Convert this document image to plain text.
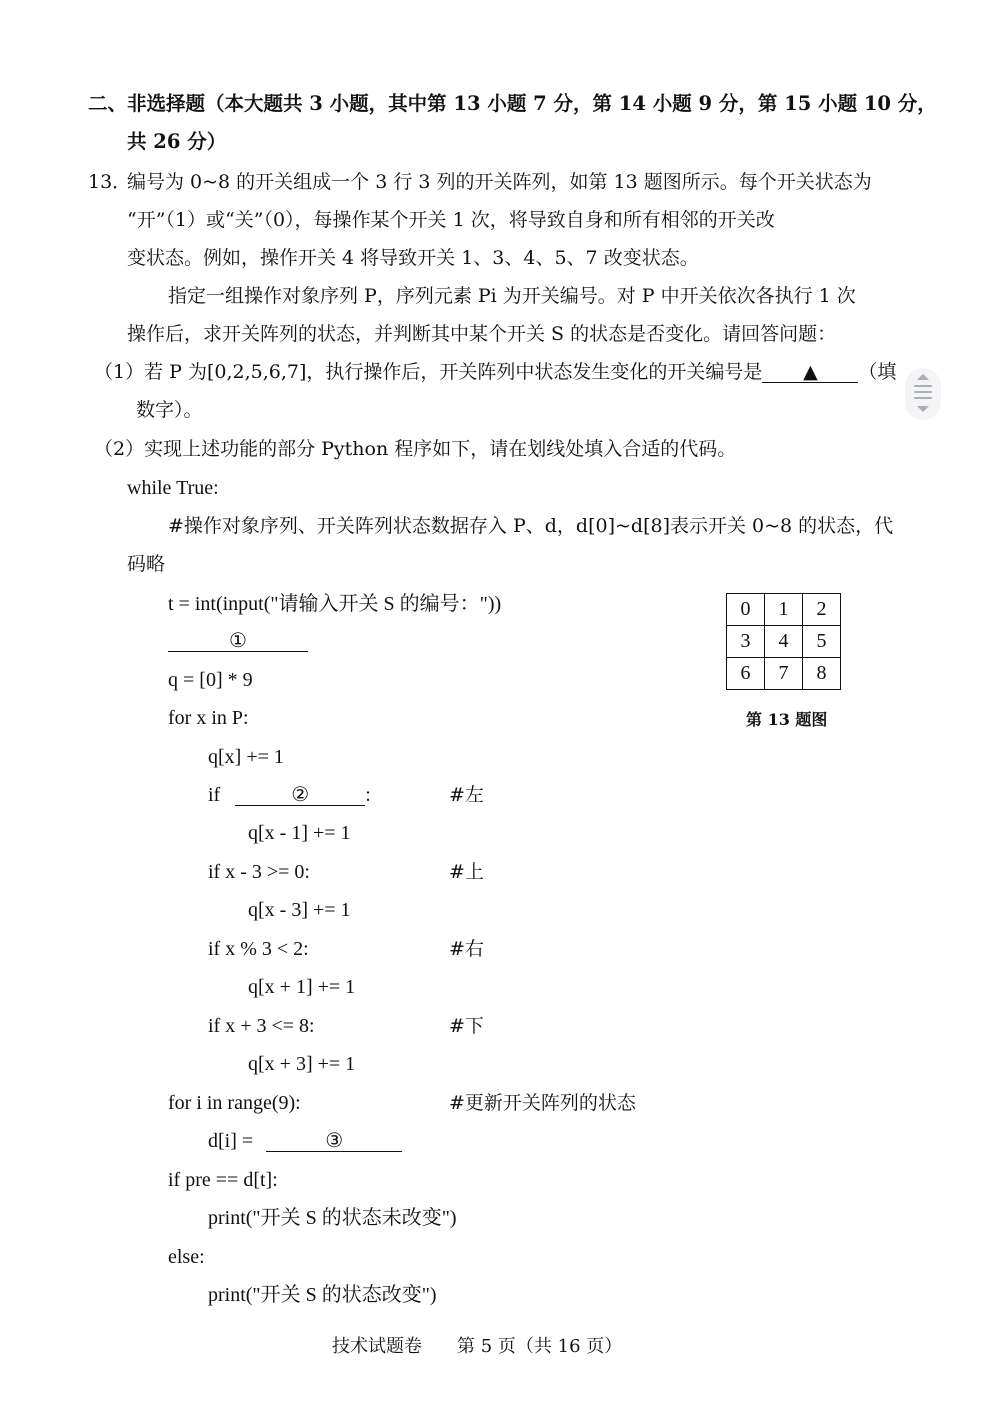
二、非选择题（本大题共 3 小题，其中第 13 小题 7 分，第 14 小题 9 分，第 15 小题 10 分，
共 26 分）
13．
编号为 0~8 的开关组成一个 3 行 3 列的开关阵列，如第 13 题图所示。每个开关状态为
“开”（1）或“关”（0），每操作某个开关 1 次，将导致自身和所有相邻的开关改
变状态。例如，操作开关 4 将导致开关 1、3、4、5、7 改变状态。
指定一组操作对象序列 P，序列元素 Pi 为开关编号。对 P 中开关依次各执行 1 次
操作后，求开关阵列的状态，并判断其中某个开关 S 的状态是否变化。请回答问题：
（1）若 P 为[0,2,5,6,7]，执行操作后，开关阵列中状态发生变化的开关编号是 ▲ （填
数字）。
（2）实现上述功能的部分 Python 程序如下，请在划线处填入合适的代码。
while True:
#操作对象序列、开关阵列状态数据存入 P、d，d[0]~d[8]表示开关 0~8 的状态，代
码略
t = int(input("请输入开关 S 的编号："))
①
q = [0] * 9
for x in P:
q[x] += 1
if	②	:	#左
q[x - 1] += 1
if x - 3 >= 0:	#上
q[x - 3] += 1
if x % 3 < 2:	#右
q[x + 1] += 1
if x + 3 <= 8:	#下
q[x + 3] += 1
for i in range(9):	#更新开关阵列的状态
d[i] =	③
if pre == d[t]:
print("开关 S 的状态未改变")
else:
print("开关 S 的状态改变")
0	1	2
3	4	5
6	7	8
第 13 题图
技术试题卷 第 5 页（共 16 页）
